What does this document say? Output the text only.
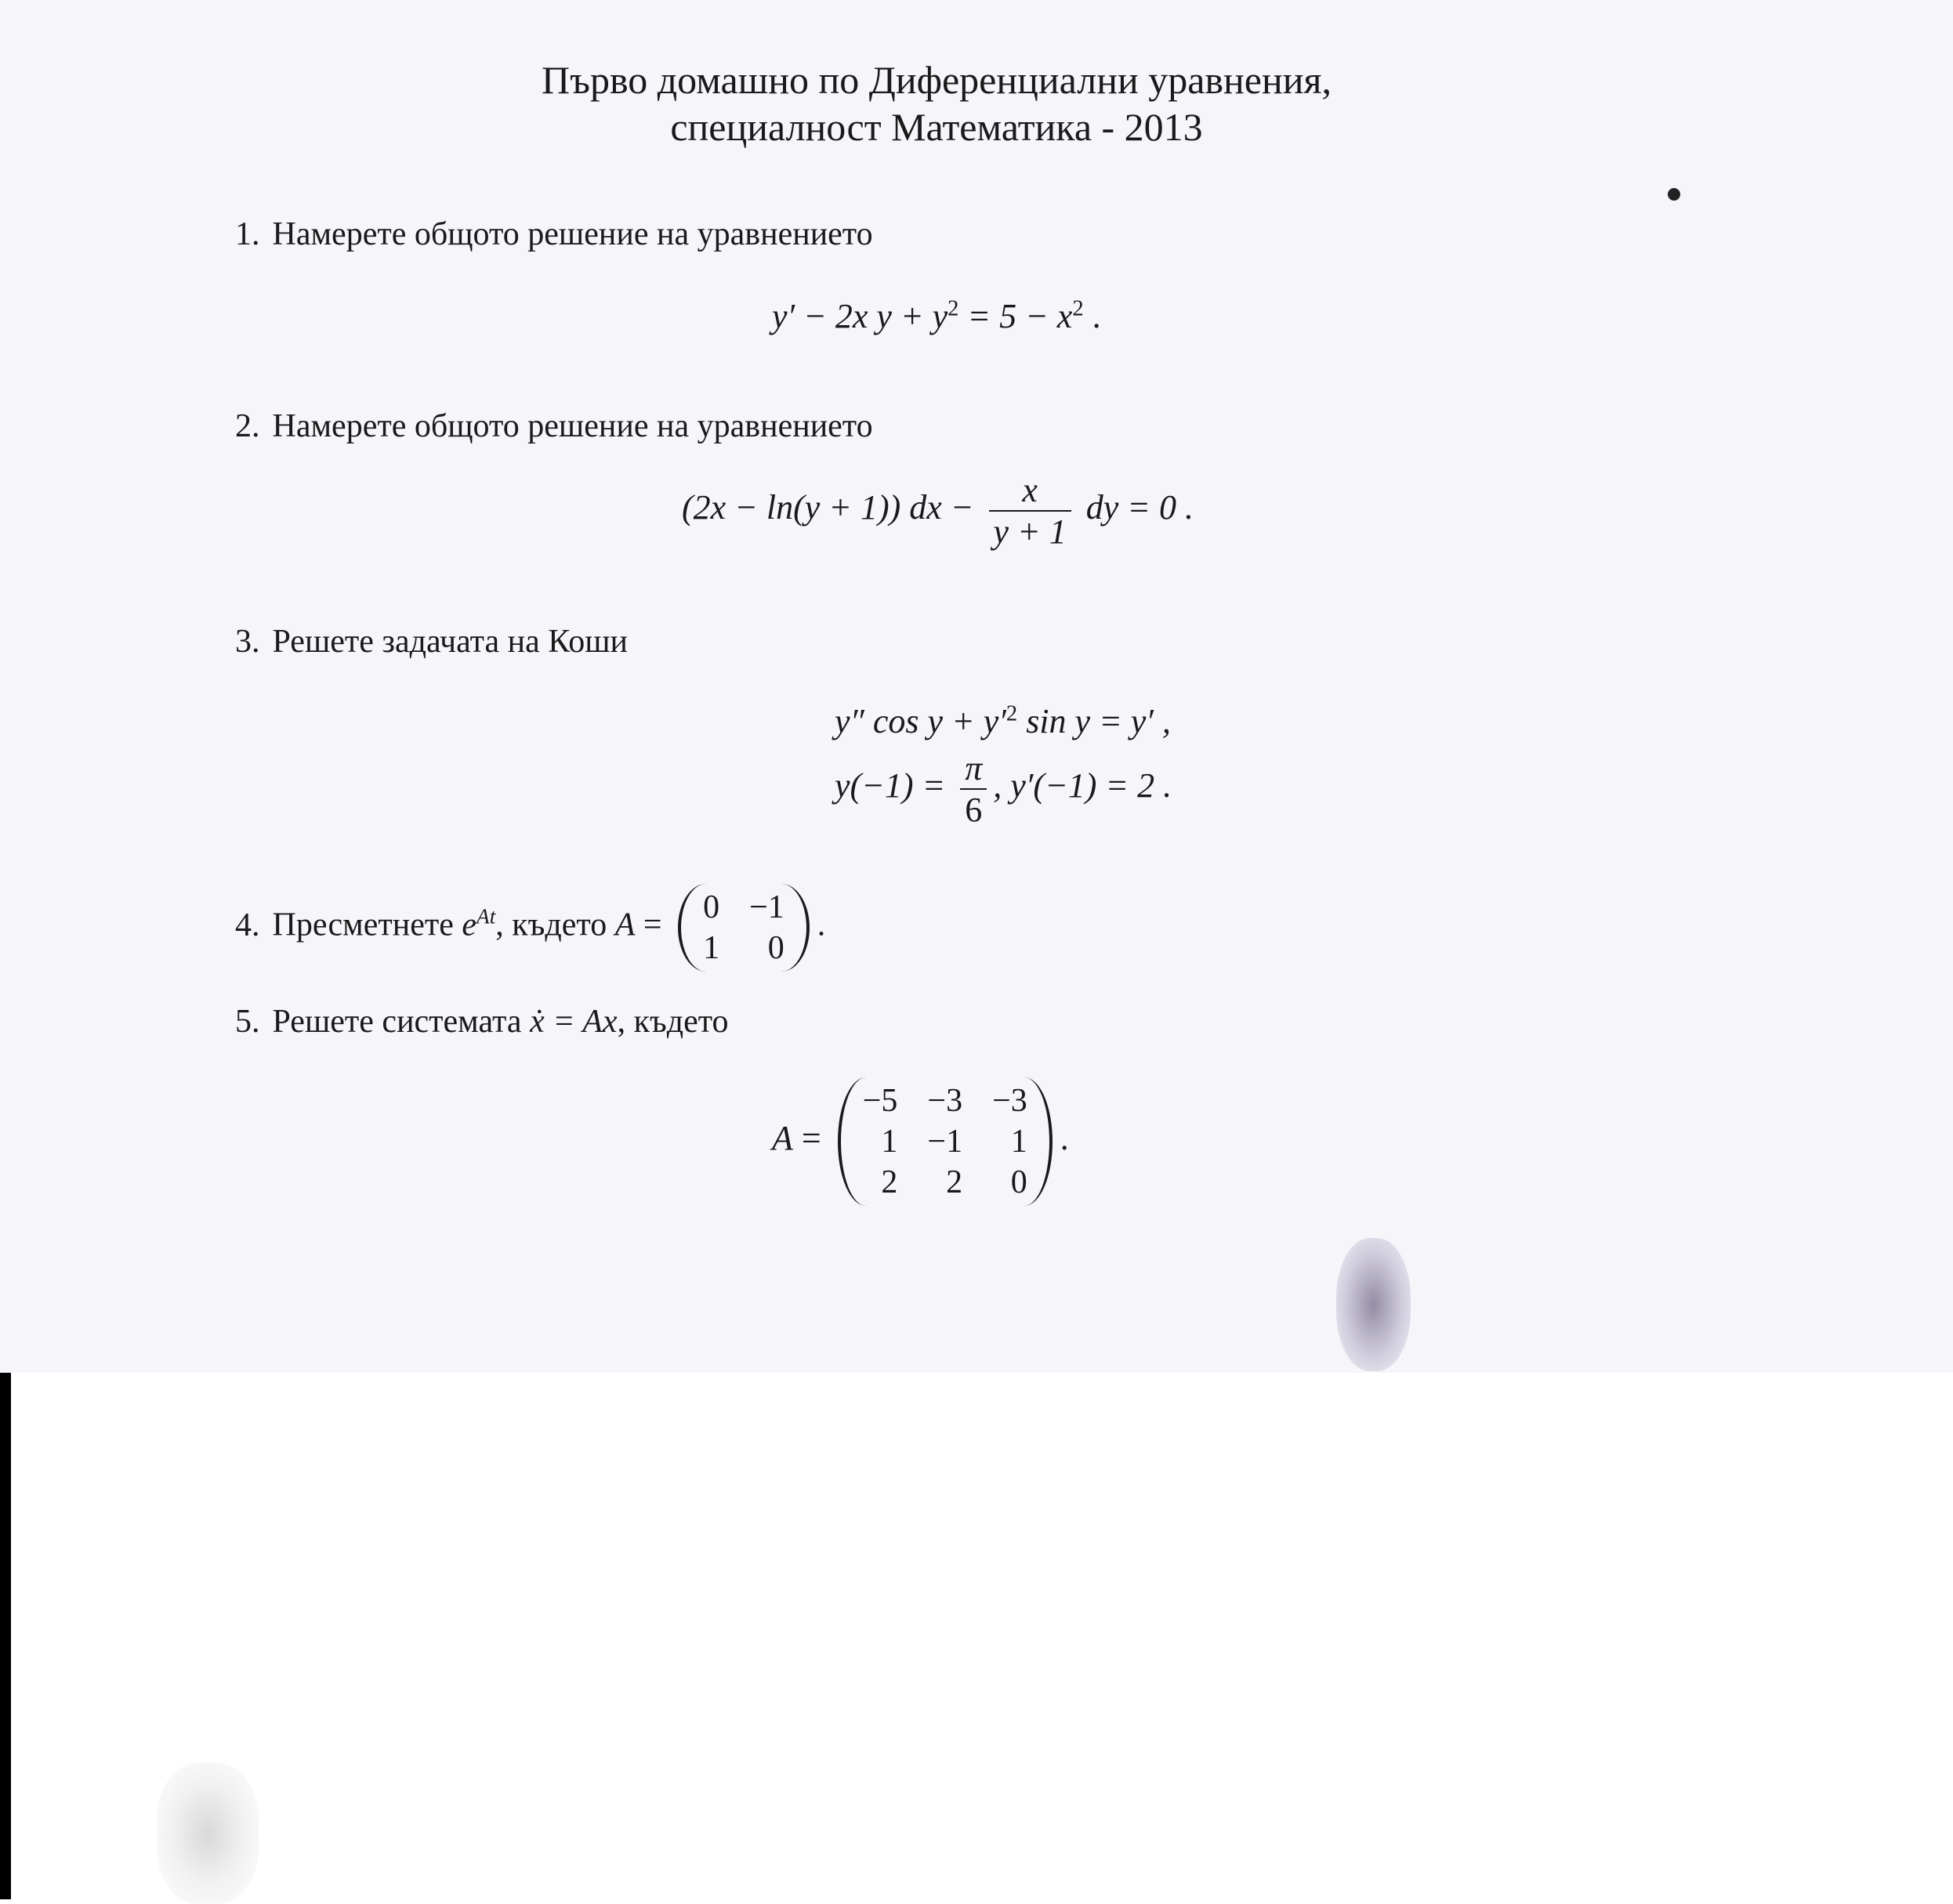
Първо домашно по Диференциални уравнения,
специалност Математика - 2013
1. Намерете общото решение на уравнението
y′ − 2x $y + y^2 = 5 - x^2$ .
2. Намерете общото решение на уравнението
(2x − ln(y + 1)) dx − $\frac{x}{y + 1}$ dy = 0 .
3. Решете задачата на Коши
y″ $\cos y + y'^2$ sin y = y′ ,
$y(-1) = \frac{\pi}{6}$ , y′(−1) = 2 .
4. Пресметнете $e^{At}$, където A = 0 −1
1	0
.
5. Решете системата ẋ = Ax, където
A =
−5 −3 −3
1 −1	1
2	2	0
.
